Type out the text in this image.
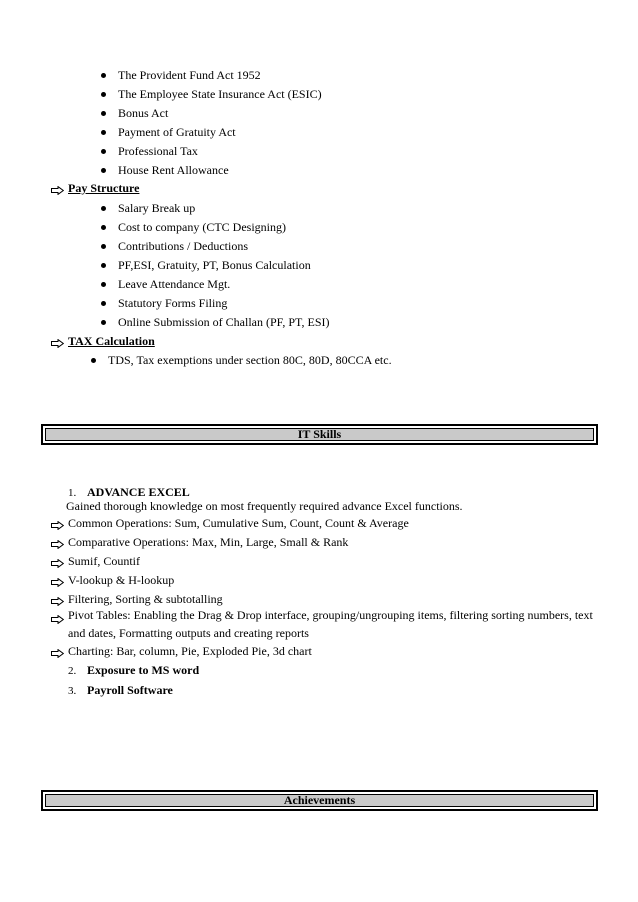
The Provident Fund Act 1952
The Employee State Insurance Act (ESIC)
Bonus Act
Payment of Gratuity Act
Professional Tax
House Rent Allowance
Pay Structure
Salary Break up
Cost to company (CTC Designing)
Contributions / Deductions
PF,ESI, Gratuity, PT, Bonus Calculation
Leave Attendance Mgt.
Statutory Forms Filing
Online Submission of Challan (PF, PT, ESI)
TAX Calculation
TDS, Tax exemptions under section 80C, 80D, 80CCA etc.
IT Skills
1. ADVANCE EXCEL
Gained thorough knowledge on most frequently required advance Excel functions.
Common Operations: Sum, Cumulative Sum, Count, Count & Average
Comparative Operations: Max, Min, Large, Small & Rank
Sumif, Countif
V-lookup & H-lookup
Filtering, Sorting & subtotalling
Pivot Tables: Enabling the Drag & Drop interface, grouping/ungrouping items, filtering sorting numbers, text and dates, Formatting outputs and creating reports
Charting: Bar, column, Pie, Exploded Pie, 3d chart
2. Exposure to MS word
3. Payroll Software
Achievements
